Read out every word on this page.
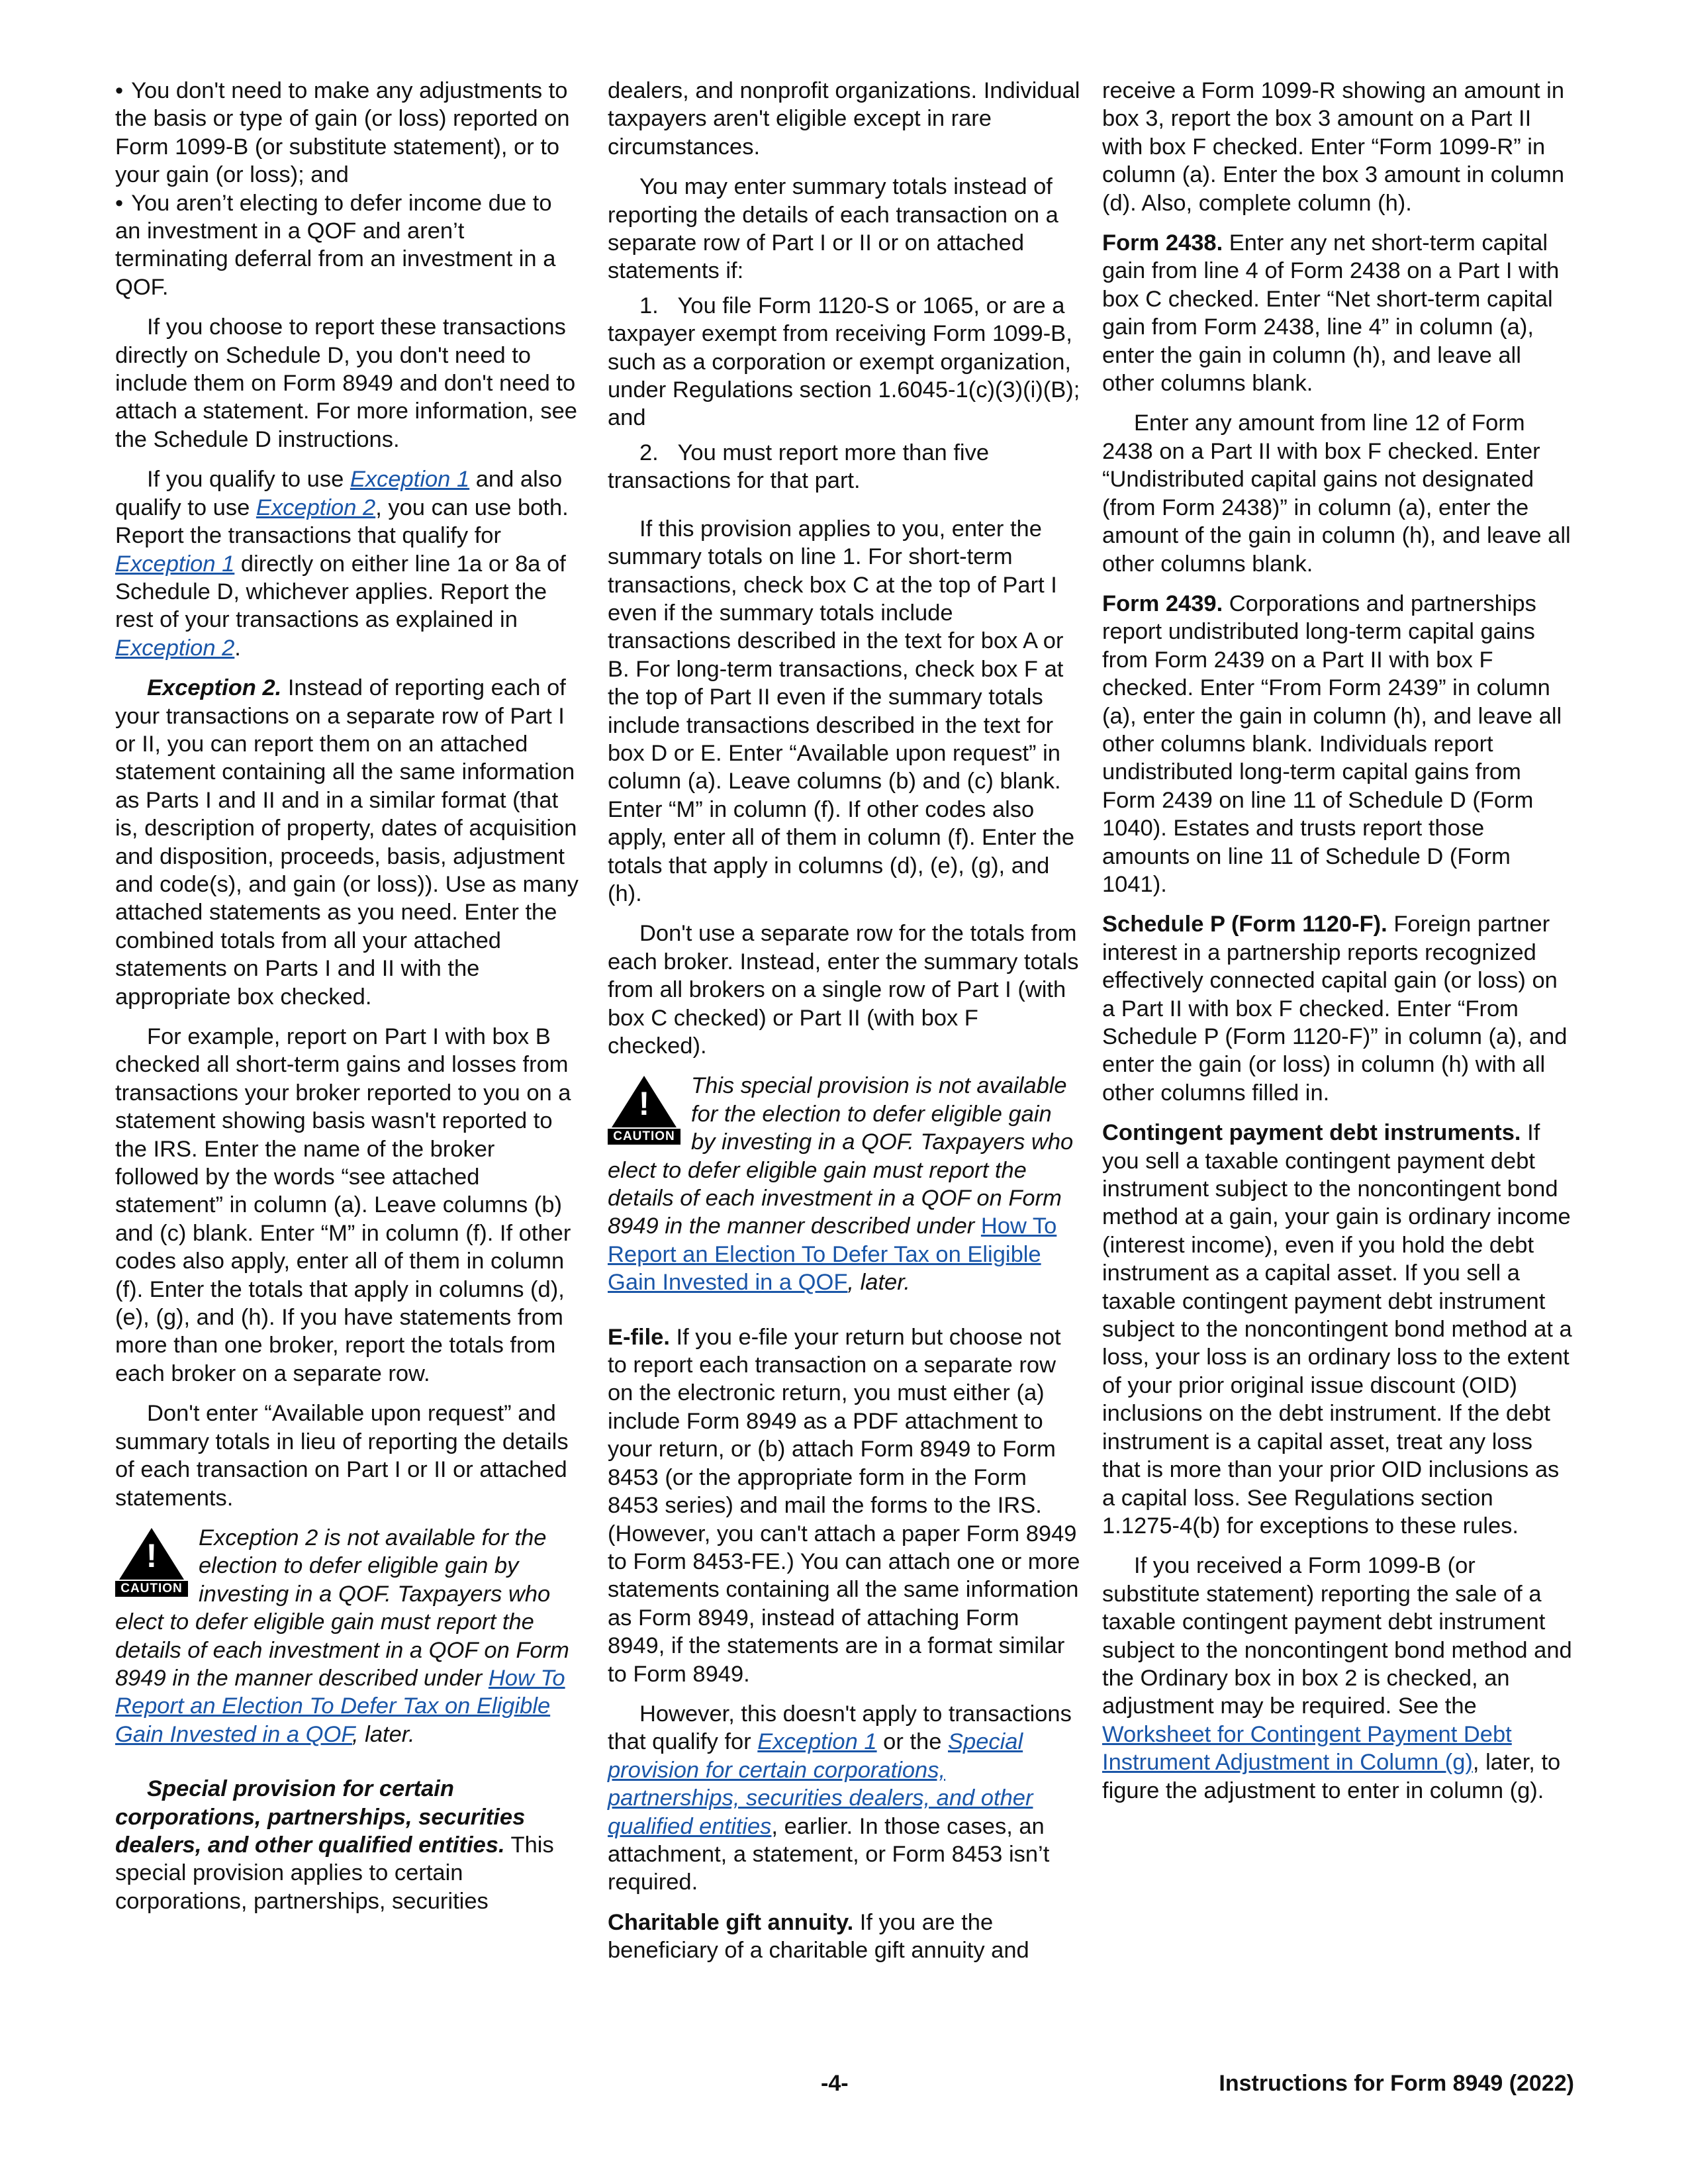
• You don't need to make any adjustments to the basis or type of gain (or loss) reported on Form 1099-B (or substitute statement), or to your gain (or loss); and

• You aren’t electing to defer income due to an investment in a QOF and aren’t terminating deferral from an investment in a QOF.

If you choose to report these transactions directly on Schedule D, you don't need to include them on Form 8949 and don't need to attach a statement. For more information, see the Schedule D instructions.

If you qualify to use Exception 1 and also qualify to use Exception 2, you can use both. Report the transactions that qualify for Exception 1 directly on either line 1a or 8a of Schedule D, whichever applies. Report the rest of your transactions as explained in Exception 2.

Exception 2. Instead of reporting each of your transactions on a separate row of Part I or II, you can report them on an attached statement containing all the same information as Parts I and II and in a similar format (that is, description of property, dates of acquisition and disposition, proceeds, basis, adjustment and code(s), and gain (or loss)). Use as many attached statements as you need. Enter the combined totals from all your attached statements on Parts I and II with the appropriate box checked.

For example, report on Part I with box B checked all short-term gains and losses from transactions your broker reported to you on a statement showing basis wasn't reported to the IRS. Enter the name of the broker followed by the words “see attached statement” in column (a). Leave columns (b) and (c) blank. Enter “M” in column (f). If other codes also apply, enter all of them in column (f). Enter the totals that apply in columns (d), (e), (g), and (h). If you have statements from more than one broker, report the totals from each broker on a separate row.

Don't enter “Available upon request” and summary totals in lieu of reporting the details of each transaction on Part I or II or attached statements.

!
CAUTION
Exception 2 is not available for the election to defer eligible gain by investing in a QOF. Taxpayers who elect to defer eligible gain must report the details of each investment in a QOF on Form 8949 in the manner described under How To Report an Election To Defer Tax on Eligible Gain Invested in a QOF, later.

Special provision for certain corporations, partnerships, securities dealers, and other qualified entities. This special provision applies to certain corporations, partnerships, securities

dealers, and nonprofit organizations. Individual taxpayers aren't eligible except in rare circumstances.

You may enter summary totals instead of reporting the details of each transaction on a separate row of Part I or II or on attached statements if:

1. You file Form 1120-S or 1065, or are a taxpayer exempt from receiving Form 1099-B, such as a corporation or exempt organization, under Regulations section 1.6045-1(c)(3)(i)(B); and

2. You must report more than five transactions for that part.

If this provision applies to you, enter the summary totals on line 1. For short-term transactions, check box C at the top of Part I even if the summary totals include transactions described in the text for box A or B. For long-term transactions, check box F at the top of Part II even if the summary totals include transactions described in the text for box D or E. Enter “Available upon request” in column (a). Leave columns (b) and (c) blank. Enter “M” in column (f). If other codes also apply, enter all of them in column (f). Enter the totals that apply in columns (d), (e), (g), and (h).

Don't use a separate row for the totals from each broker. Instead, enter the summary totals from all brokers on a single row of Part I (with box C checked) or Part II (with box F checked).

!
CAUTION
This special provision is not available for the election to defer eligible gain by investing in a QOF. Taxpayers who elect to defer eligible gain must report the details of each investment in a QOF on Form 8949 in the manner described under How To Report an Election To Defer Tax on Eligible Gain Invested in a QOF, later.

E-file. If you e-file your return but choose not to report each transaction on a separate row on the electronic return, you must either (a) include Form 8949 as a PDF attachment to your return, or (b) attach Form 8949 to Form 8453 (or the appropriate form in the Form 8453 series) and mail the forms to the IRS. (However, you can't attach a paper Form 8949 to Form 8453-FE.) You can attach one or more statements containing all the same information as Form 8949, instead of attaching Form 8949, if the statements are in a format similar to Form 8949.

However, this doesn't apply to transactions that qualify for Exception 1 or the Special provision for certain corporations, partnerships, securities dealers, and other qualified entities, earlier. In those cases, an attachment, a statement, or Form 8453 isn’t required.

Charitable gift annuity. If you are the beneficiary of a charitable gift annuity and

receive a Form 1099-R showing an amount in box 3, report the box 3 amount on a Part II with box F checked. Enter “Form 1099-R” in column (a). Enter the box 3 amount in column (d). Also, complete column (h).

Form 2438. Enter any net short-term capital gain from line 4 of Form 2438 on a Part I with box C checked. Enter “Net short-term capital gain from Form 2438, line 4” in column (a), enter the gain in column (h), and leave all other columns blank.

Enter any amount from line 12 of Form 2438 on a Part II with box F checked. Enter “Undistributed capital gains not designated (from Form 2438)” in column (a), enter the amount of the gain in column (h), and leave all other columns blank.

Form 2439. Corporations and partnerships report undistributed long-term capital gains from Form 2439 on a Part II with box F checked. Enter “From Form 2439” in column (a), enter the gain in column (h), and leave all other columns blank. Individuals report undistributed long-term capital gains from Form 2439 on line 11 of Schedule D (Form 1040). Estates and trusts report those amounts on line 11 of Schedule D (Form 1041).

Schedule P (Form 1120-F). Foreign partner interest in a partnership reports recognized effectively connected capital gain (or loss) on a Part II with box F checked. Enter “From Schedule P (Form 1120-F)” in column (a), and enter the gain (or loss) in column (h) with all other columns filled in.

Contingent payment debt instruments. If you sell a taxable contingent payment debt instrument subject to the noncontingent bond method at a gain, your gain is ordinary income (interest income), even if you hold the debt instrument as a capital asset. If you sell a taxable contingent payment debt instrument subject to the noncontingent bond method at a loss, your loss is an ordinary loss to the extent of your prior original issue discount (OID) inclusions on the debt instrument. If the debt instrument is a capital asset, treat any loss that is more than your prior OID inclusions as a capital loss. See Regulations section 1.1275-4(b) for exceptions to these rules.

If you received a Form 1099-B (or substitute statement) reporting the sale of a taxable contingent payment debt instrument subject to the noncontingent bond method and the Ordinary box in box 2 is checked, an adjustment may be required. See the Worksheet for Contingent Payment Debt Instrument Adjustment in Column (g), later, to figure the adjustment to enter in column (g).

-4-	Instructions for Form 8949 (2022)
